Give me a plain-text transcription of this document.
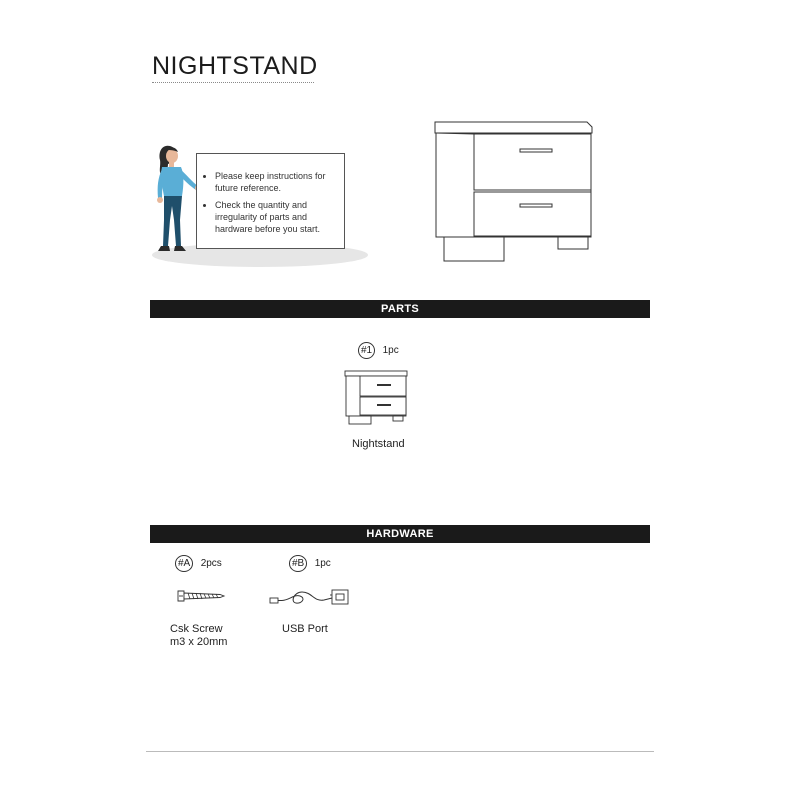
NIGHTSTAND
• Please keep instructions for future reference.
• Check the quantity and irregularity of parts and hardware before you start.
PARTS
#1 1pc
Nightstand
HARDWARE
#A 2pcs
Csk Screw
m3 x 20mm
#B 1pc
USB Port
